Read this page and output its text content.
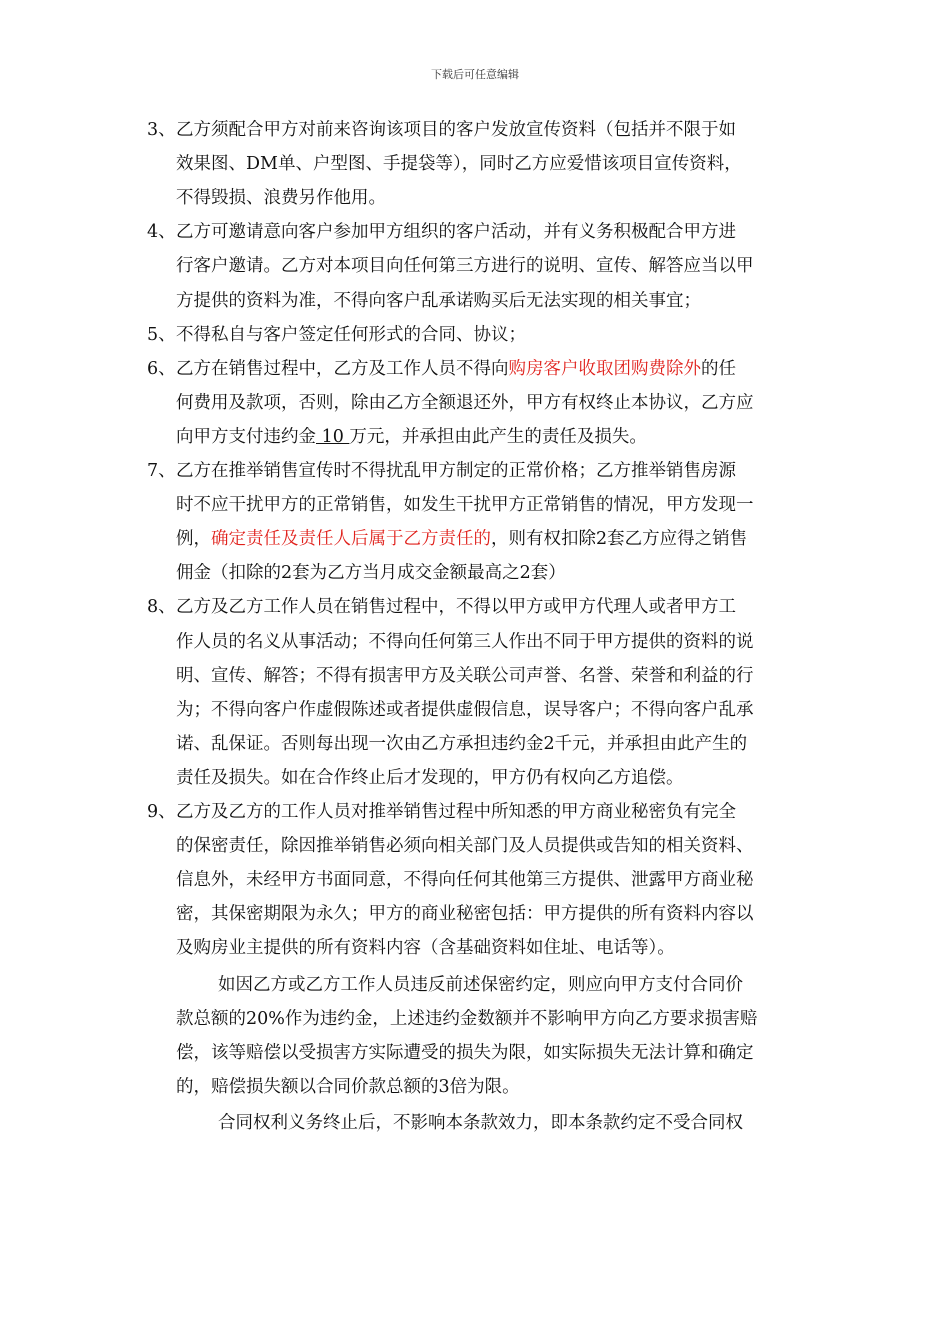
下载后可任意编辑
3、 乙方须配合甲方对前来咨询该项目的客户发放宣传资料（包括并不限于如
效果图、DM单、户型图、手提袋等），同时乙方应爱惜该项目宣传资料，
不得毁损、浪费另作他用。
4、 乙方可邀请意向客户参加甲方组织的客户活动，并有义务积极配合甲方进
行客户邀请。乙方对本项目向任何第三方进行的说明、宣传、解答应当以甲
方提供的资料为准，不得向客户乱承诺购买后无法实现的相关事宜；
5、 不得私自与客户签定任何形式的合同、协议；
6、 乙方在销售过程中，乙方及工作人员不得向购房客户收取团购费除外的任
何费用及款项，否则，除由乙方全额退还外，甲方有权终止本协议，乙方应
向甲方支付违约金 10 万元，并承担由此产生的责任及损失。
7、 乙方在推举销售宣传时不得扰乱甲方制定的正常价格；乙方推举销售房源
时不应干扰甲方的正常销售，如发生干扰甲方正常销售的情况，甲方发现一
例，确定责任及责任人后属于乙方责任的，则有权扣除2套乙方应得之销售
佣金（扣除的2套为乙方当月成交金额最高之2套）
8、 乙方及乙方工作人员在销售过程中，不得以甲方或甲方代理人或者甲方工
作人员的名义从事活动；不得向任何第三人作出不同于甲方提供的资料的说
明、宣传、解答；不得有损害甲方及关联公司声誉、名誉、荣誉和利益的行
为；不得向客户作虚假陈述或者提供虚假信息，误导客户；不得向客户乱承
诺、乱保证。否则每出现一次由乙方承担违约金2千元，并承担由此产生的
责任及损失。如在合作终止后才发现的，甲方仍有权向乙方追偿。
9、 乙方及乙方的工作人员对推举销售过程中所知悉的甲方商业秘密负有完全
的保密责任，除因推举销售必须向相关部门及人员提供或告知的相关资料、
信息外，未经甲方书面同意，不得向任何其他第三方提供、泄露甲方商业秘
密，其保密期限为永久；甲方的商业秘密包括：甲方提供的所有资料内容以
及购房业主提供的所有资料内容（含基础资料如住址、电话等）。
如因乙方或乙方工作人员违反前述保密约定，则应向甲方支付合同价
款总额的20%作为违约金，上述违约金数额并不影响甲方向乙方要求损害赔
偿，该等赔偿以受损害方实际遭受的损失为限，如实际损失无法计算和确定
的，赔偿损失额以合同价款总额的3倍为限。
合同权利义务终止后，不影响本条款效力，即本条款约定不受合同权
